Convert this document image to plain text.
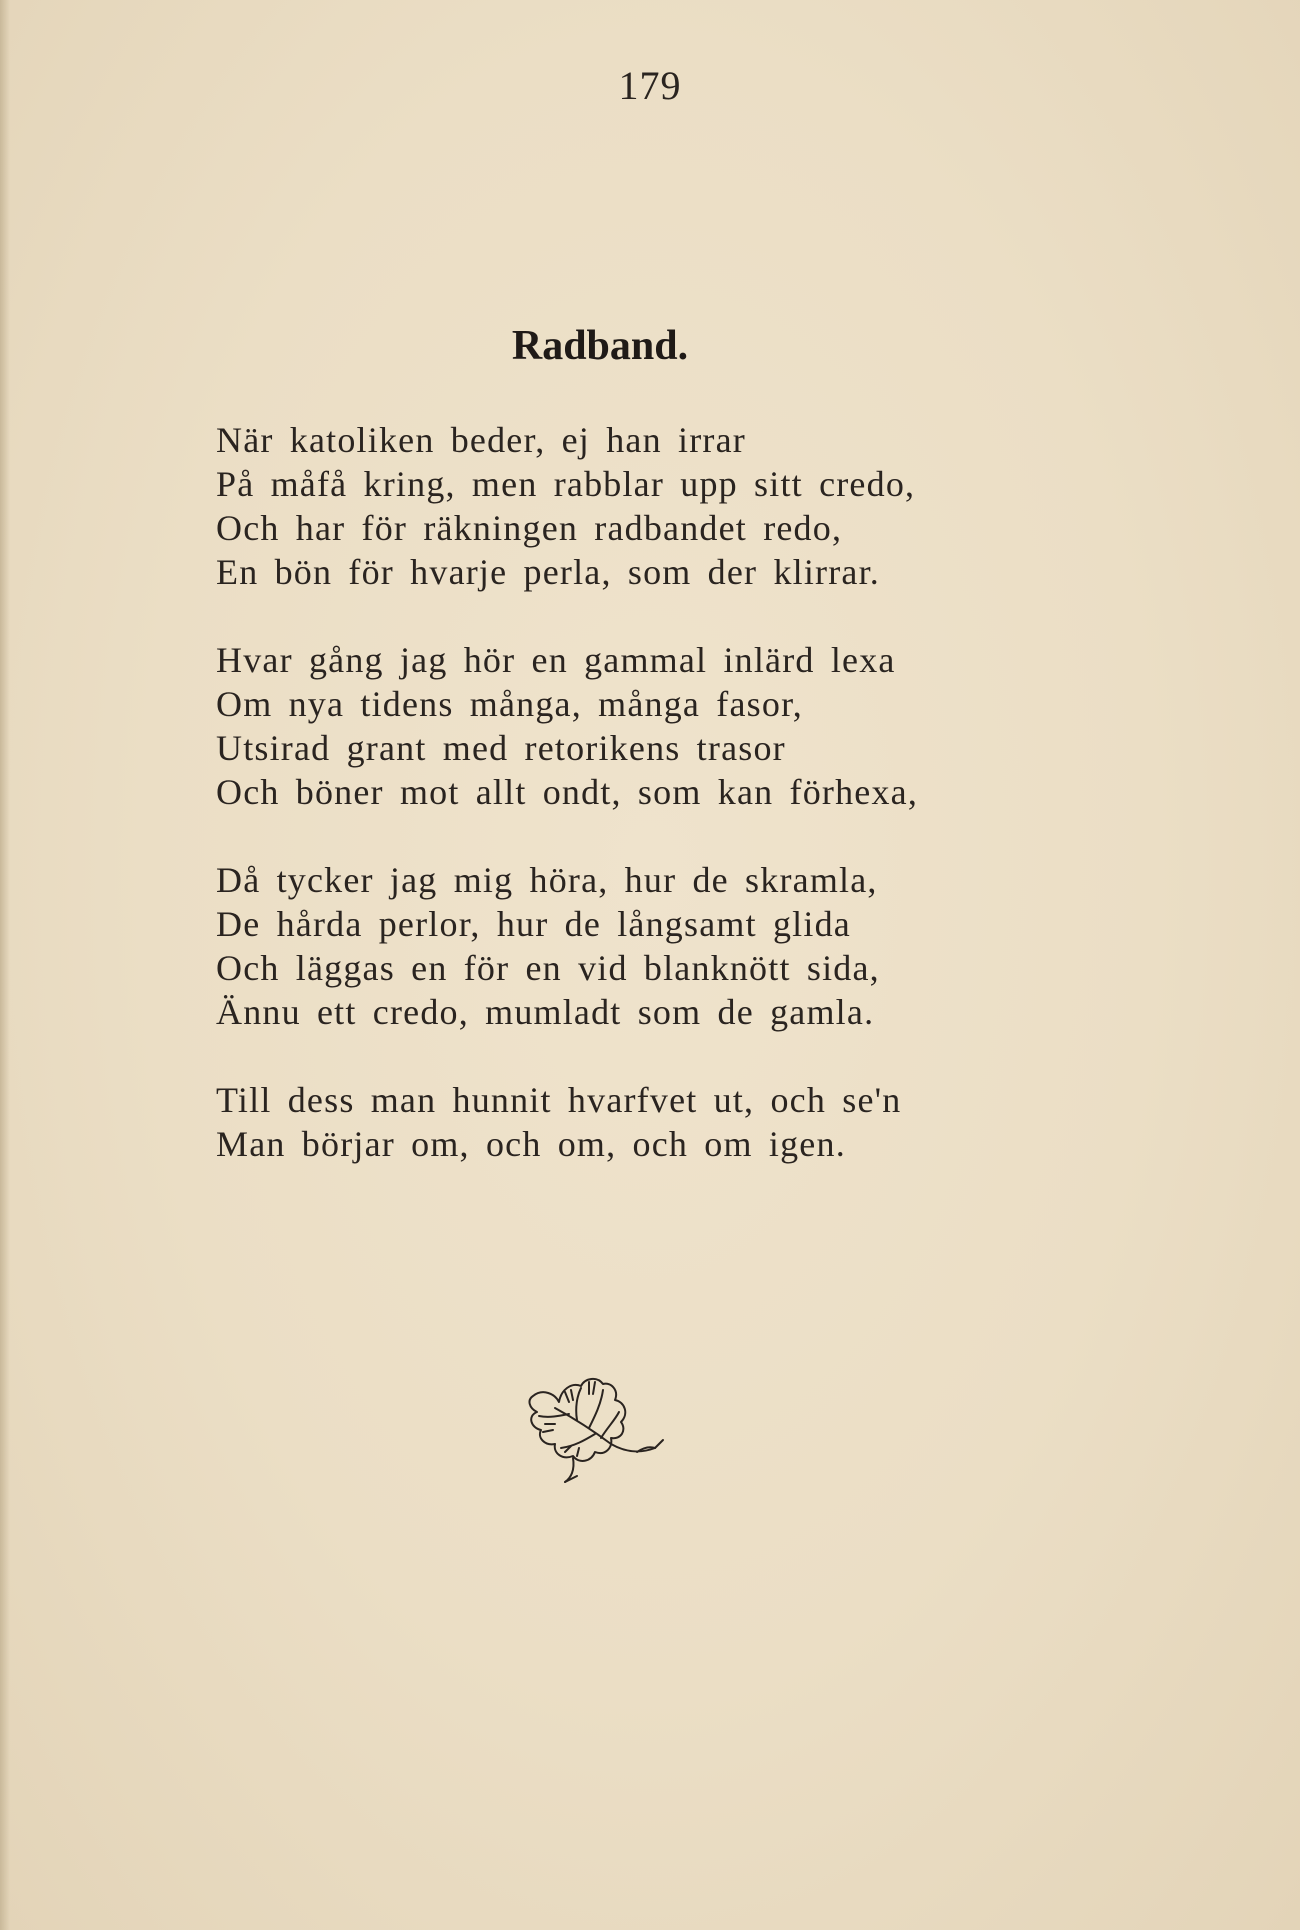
179
Radband.
När katoliken beder, ej han irrar
På måfå kring, men rabblar upp sitt credo,
Och har för räkningen radbandet redo,
En bön för hvarje perla, som der klirrar.
Hvar gång jag hör en gammal inlärd lexa
Om nya tidens många, många fasor,
Utsirad grant med retorikens trasor
Och böner mot allt ondt, som kan förhexa,
Då tycker jag mig höra, hur de skramla,
De hårda perlor, hur de långsamt glida
Och läggas en för en vid blanknött sida,
Ännu ett credo, mumladt som de gamla.
Till dess man hunnit hvarfvet ut, och se'n
Man börjar om, och om, och om igen.
